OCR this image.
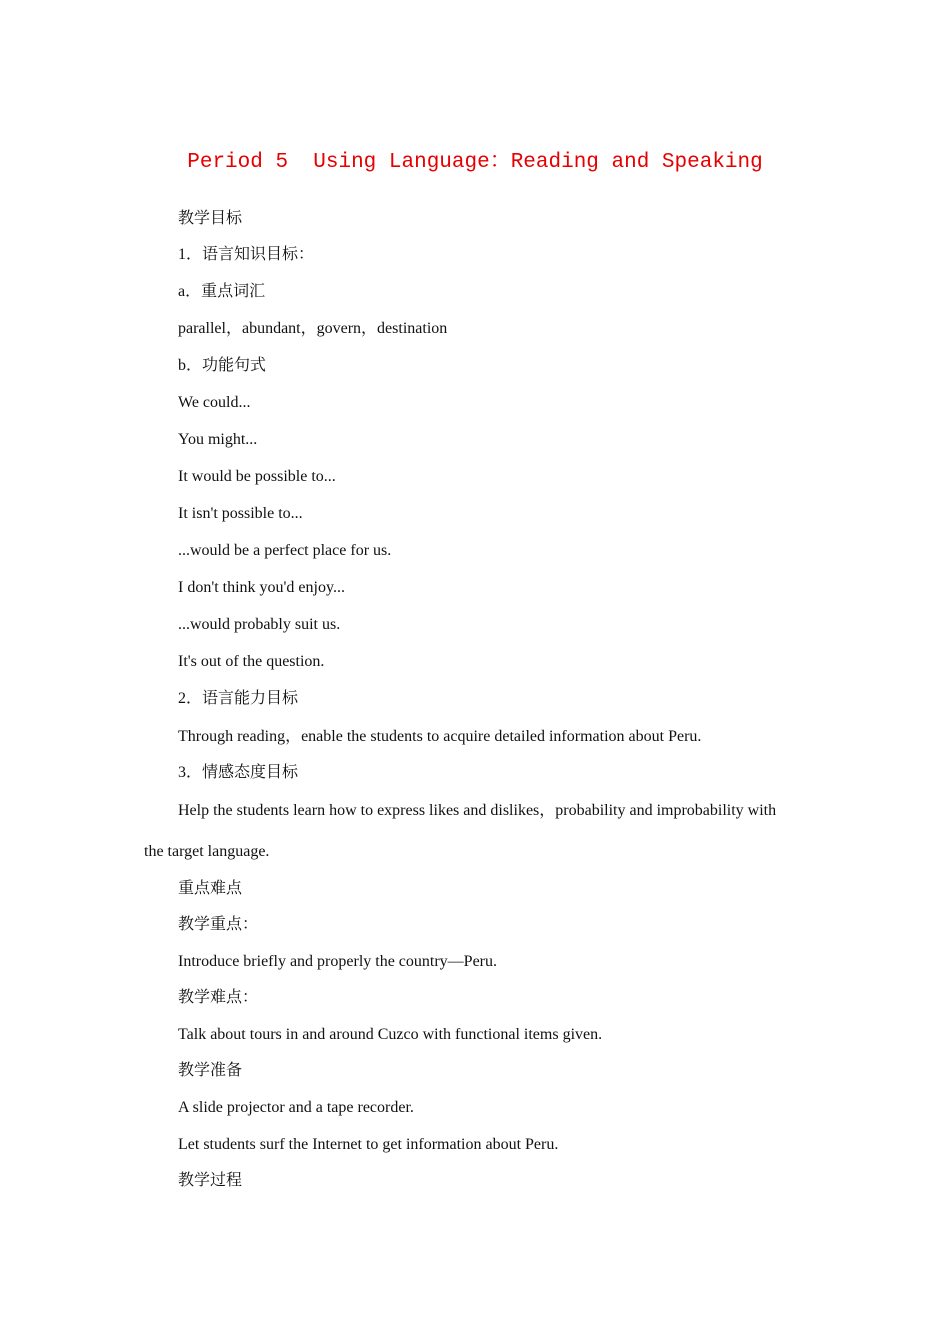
Period 5  Using Language：Reading and Speaking

教学目标

1．语言知识目标：

a．重点词汇

parallel，abundant，govern，destination

b．功能句式

We could...

You might...

It would be possible to...

It isn't possible to...

...would be a perfect place for us.

I don't think you'd enjoy...

...would probably suit us.

It's out of the question.

2．语言能力目标

Through reading，enable the students to acquire detailed information about Peru.

3．情感态度目标

Help the students learn how to express likes and dislikes，probability and improbability with

the target language.

重点难点

教学重点：

Introduce briefly and properly the country—Peru.

教学难点：

Talk about tours in and around Cuzco with functional items given.

教学准备

A slide projector and a tape recorder.

Let students surf the Internet to get information about Peru.

教学过程
